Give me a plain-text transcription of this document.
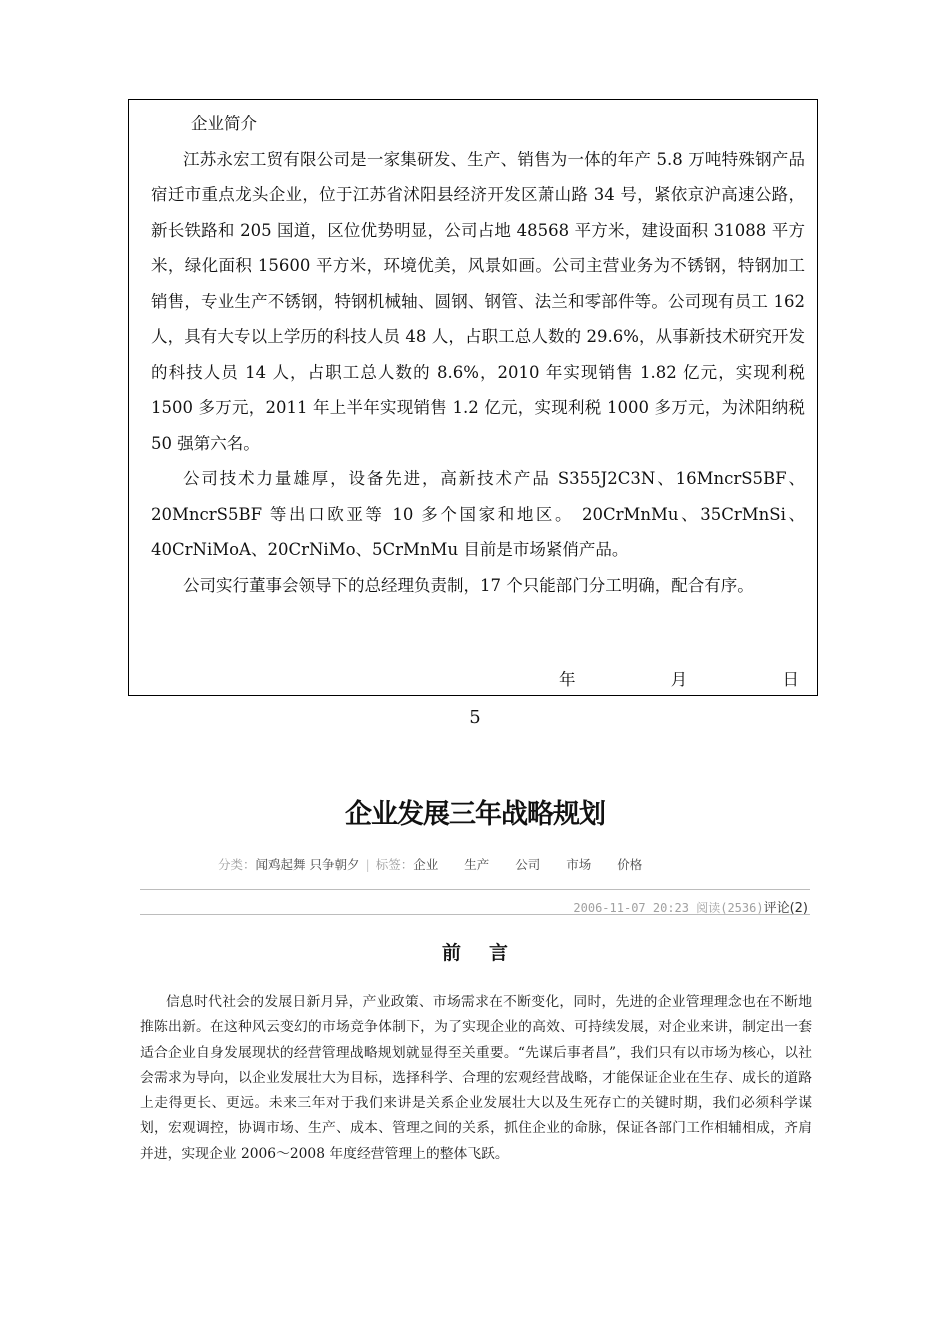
企业简介

江苏永宏工贸有限公司是一家集研发、生产、销售为一体的年产 5.8 万吨特殊钢产品宿迁市重点龙头企业，位于江苏省沭阳县经济开发区萧山路 34 号，紧依京沪高速公路，新长铁路和 205 国道，区位优势明显，公司占地 48568 平方米，建设面积 31088 平方米，绿化面积 15600 平方米，环境优美，风景如画。公司主营业务为不锈钢，特钢加工销售，专业生产不锈钢，特钢机械轴、圆钢、钢管、法兰和零部件等。公司现有员工 162 人，具有大专以上学历的科技人员 48 人，占职工总人数的 29.6%，从事新技术研究开发的科技人员 14 人，占职工总人数的 8.6%，2010 年实现销售 1.82 亿元，实现利税 1500 多万元，2011 年上半年实现销售 1.2 亿元，实现利税 1000 多万元，为沭阳纳税 50 强第六名。

公司技术力量雄厚，设备先进，高新技术产品 S355J2C3N、16MncrS5BF、20MncrS5BF 等出口欧亚等 10 多个国家和地区。 20CrMnMu、35CrMnSi、40CrNiMoA、20CrNiMo、5CrMnMu 目前是市场紧俏产品。

公司实行董事会领导下的总经理负责制，17 个只能部门分工明确，配合有序。

年	月	日
5
企业发展三年战略规划
分类：闻鸡起舞 只争朝夕 | 标签：企业 生产 公司 市场 价格
2006-11-07 20:23 阅读(2536)评论(2)
前言

信息时代社会的发展日新月异，产业政策、市场需求在不断变化，同时，先进的企业管理理念也在不断地推陈出新。在这种风云变幻的市场竞争体制下，为了实现企业的高效、可持续发展，对企业来讲，制定出一套适合企业自身发展现状的经营管理战略规划就显得至关重要。“先谋后事者昌”，我们只有以市场为核心，以社会需求为导向，以企业发展壮大为目标，选择科学、合理的宏观经营战略，才能保证企业在生存、成长的道路上走得更长、更远。未来三年对于我们来讲是关系企业发展壮大以及生死存亡的关键时期，我们必须科学谋划，宏观调控，协调市场、生产、成本、管理之间的关系，抓住企业的命脉，保证各部门工作相辅相成，齐肩并进，实现企业 2006～2008 年度经营管理上的整体飞跃。
